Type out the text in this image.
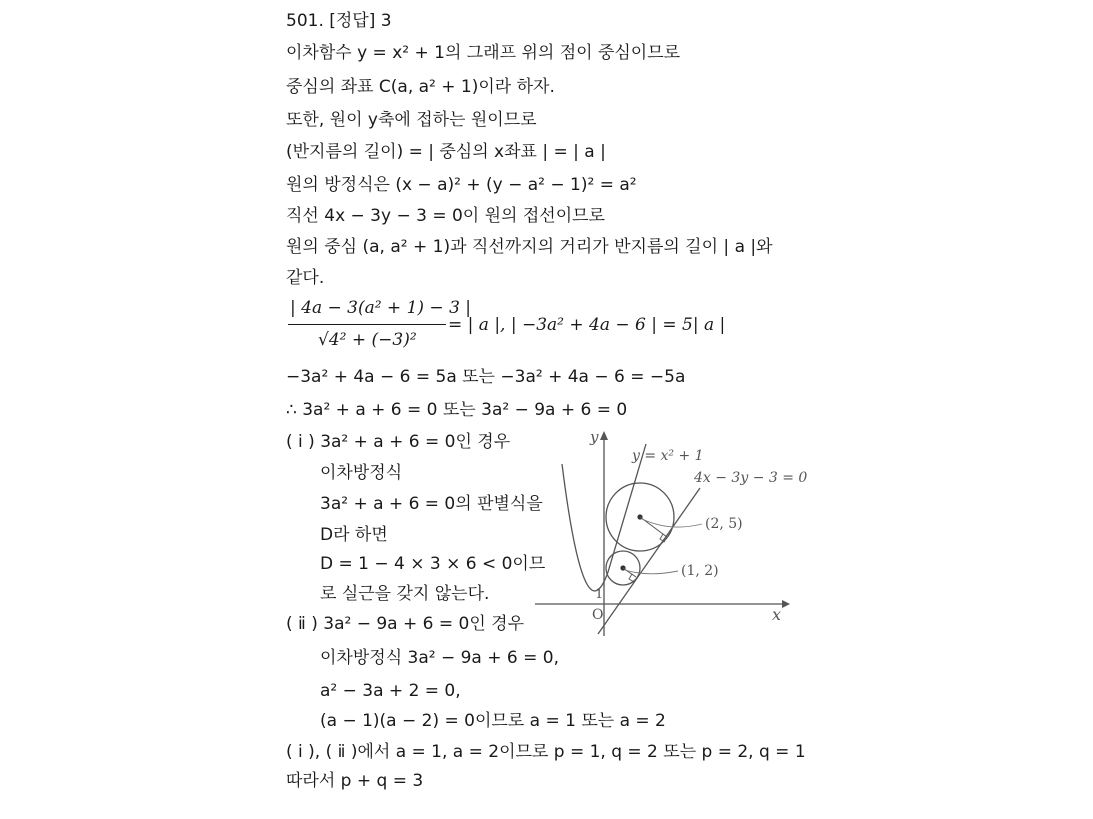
501. [정답] 3
이차함수 y = x² + 1의 그래프 위의 점이 중심이므로
중심의 좌표 C(a, a² + 1)이라 하자.
또한, 원이 y축에 접하는 원이므로
(반지름의 길이) = | 중심의 x좌표 | = | a |
원의 방정식은 (x − a)² + (y − a² − 1)² = a²
직선 4x − 3y − 3 = 0이 원의 접선이므로
원의 중심 (a, a² + 1)과 직선까지의 거리가 반지름의 길이 | a |와
같다.
| 4a − 3(a² + 1) − 3 |
√4² + (−3)²
= | a |, | −3a² + 4a − 6 | = 5| a |
−3a² + 4a − 6 = 5a 또는 −3a² + 4a − 6 = −5a
∴ 3a² + a + 6 = 0 또는 3a² − 9a + 6 = 0
( ⅰ ) 3a² + a + 6 = 0인 경우
이차방정식
3a² + a + 6 = 0의 판별식을
D라 하면
D = 1 − 4 × 3 × 6 < 0이므
로 실근을 갖지 않는다.
( ⅱ ) 3a² − 9a + 6 = 0인 경우
이차방정식 3a² − 9a + 6 = 0,
a² − 3a + 2 = 0,
(a − 1)(a − 2) = 0이므로 a = 1 또는 a = 2
( ⅰ ), ( ⅱ )에서 a = 1, a = 2이므로 p = 1, q = 2 또는 p = 2, q = 1
따라서 p + q = 3
y
x
O
1
y = x² + 1
4x − 3y − 3 = 0
(2, 5)
(1, 2)
